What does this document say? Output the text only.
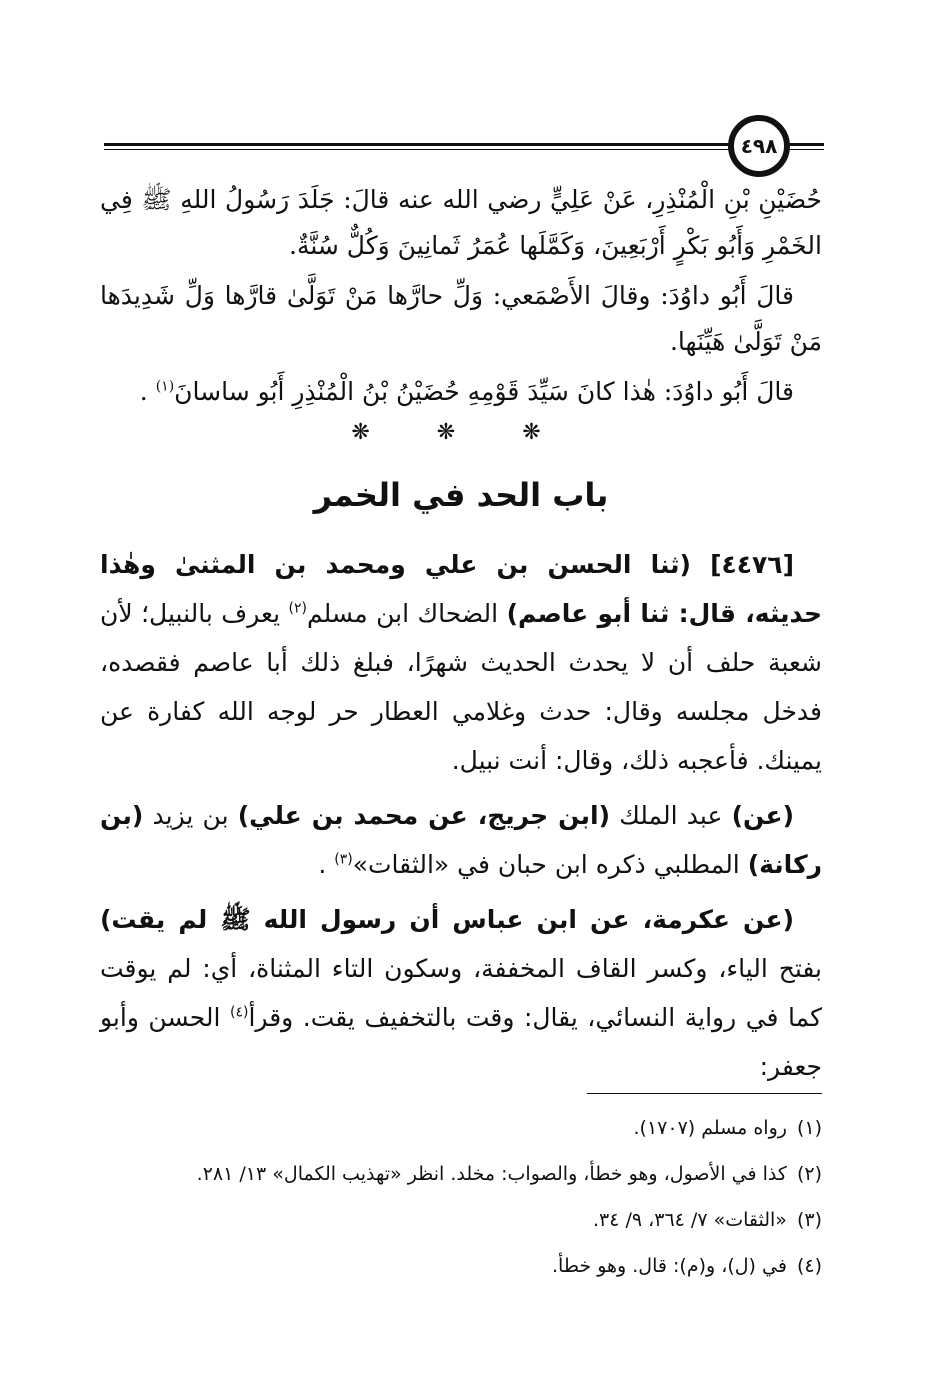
٤٩٨

حُضَيْنِ بْنِ الْمُنْذِرِ، عَنْ عَلِيٍّ رضي الله عنه قالَ: جَلَدَ رَسُولُ اللهِ ﷺ فِي الخَمْرِ وَأَبُو بَكْرٍ أَرْبَعِينَ، وَكَمَّلَها عُمَرُ ثَمانِينَ وَكُلٌّ سُنَّةٌ.

قالَ أَبُو داوُدَ: وقالَ الأَصْمَعي: وَلِّ حارَّها مَنْ تَوَلَّىٰ قارَّها وَلِّ شَدِيدَها مَنْ تَوَلَّىٰ هَيِّنَها.

قالَ أَبُو داوُدَ: هٰذا كانَ سَيِّدَ قَوْمِهِ حُضَيْنُ بْنُ الْمُنْذِرِ أَبُو ساسانَ$^{(١)}$ .

❋ ❋ ❋
باب الحد في الخمر

[٤٤٧٦] (ثنا الحسن بن علي ومحمد بن المثنىٰ وهٰذا حديثه، قال: ثنا أبو عاصم) الضحاك ابن مسلم$^{(٢)}$ يعرف بالنبيل؛ لأن شعبة حلف أن لا يحدث الحديث شهرًا، فبلغ ذلك أبا عاصم فقصده، فدخل مجلسه وقال: حدث وغلامي العطار حر لوجه الله كفارة عن يمينك. فأعجبه ذلك، وقال: أنت نبيل.

(عن) عبد الملك (ابن جريج، عن محمد بن علي) بن يزيد (بن ركانة) المطلبي ذكره ابن حبان في «الثقات»$^{(٣)}$ .

(عن عكرمة، عن ابن عباس أن رسول الله ﷺ لم يقت) بفتح الياء، وكسر القاف المخففة، وسكون التاء المثناة، أي: لم يوقت كما في رواية النسائي، يقال: وقت بالتخفيف يقت. وقرأ$^{(٤)}$ الحسن وأبو جعفر:

(١)
رواه مسلم (١٧٠٧).
(٢)
كذا في الأصول، وهو خطأ، والصواب: مخلد. انظر «تهذيب الكمال» ١٣/ ٢٨١.
(٣)
«الثقات» ٧/ ٣٦٤، ٩/ ٣٤.
(٤)
في (ل)، و(م): قال. وهو خطأ.
